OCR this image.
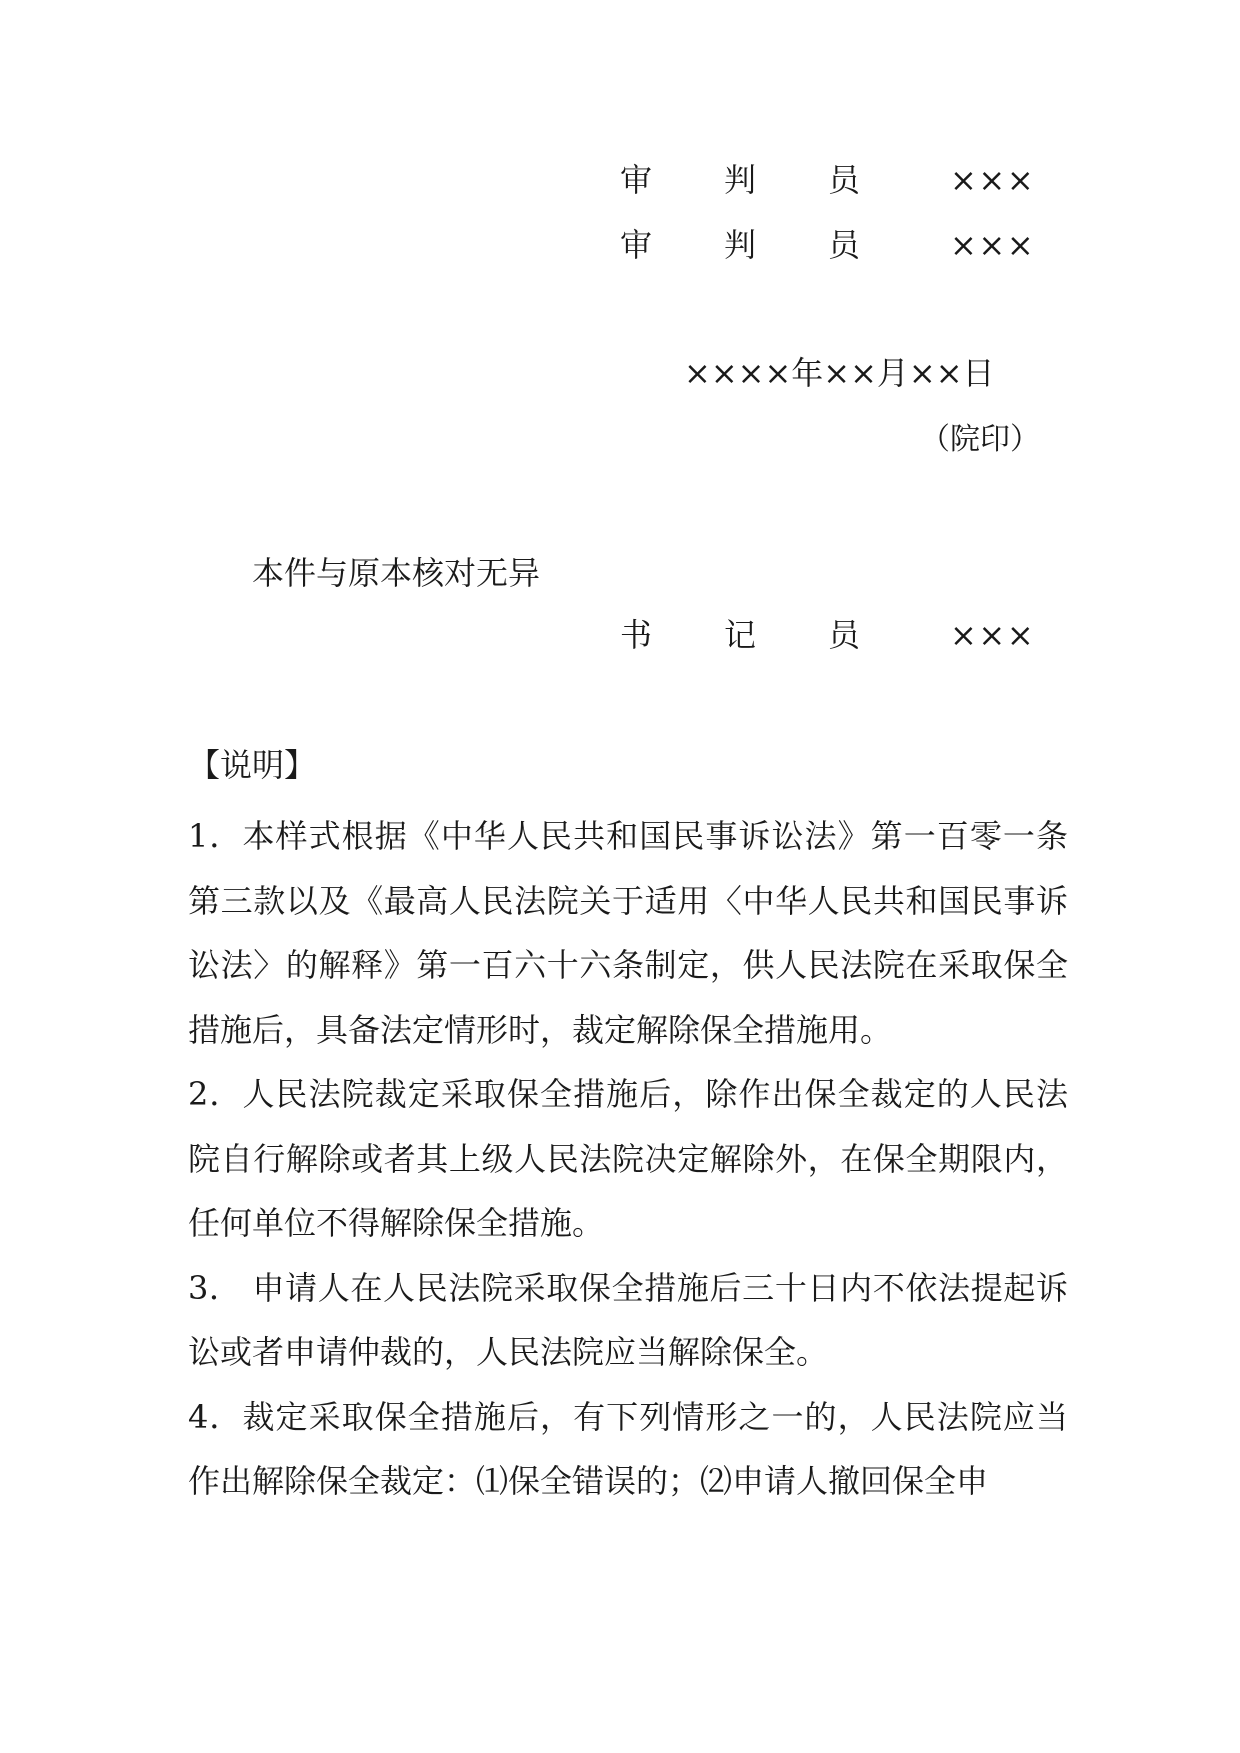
审 判 员	×××
审 判 员	×××
××××年××月××日
（院印）
本件与原本核对无异
书 记 员	×××
【说明】

1．本样式根据《中华人民共和国民事诉讼法》第一百零一条第三款以及《最高人民法院关于适用〈中华人民共和国民事诉讼法〉的解释》第一百六十六条制定，供人民法院在采取保全措施后，具备法定情形时，裁定解除保全措施用。

2．人民法院裁定采取保全措施后，除作出保全裁定的人民法院自行解除或者其上级人民法院决定解除外，在保全期限内，任何单位不得解除保全措施。

3． 申请人在人民法院采取保全措施后三十日内不依法提起诉讼或者申请仲裁的，人民法院应当解除保全。

4．裁定采取保全措施后，有下列情形之一的，人民法院应当作出解除保全裁定：⑴保全错误的；⑵申请人撤回保全申
